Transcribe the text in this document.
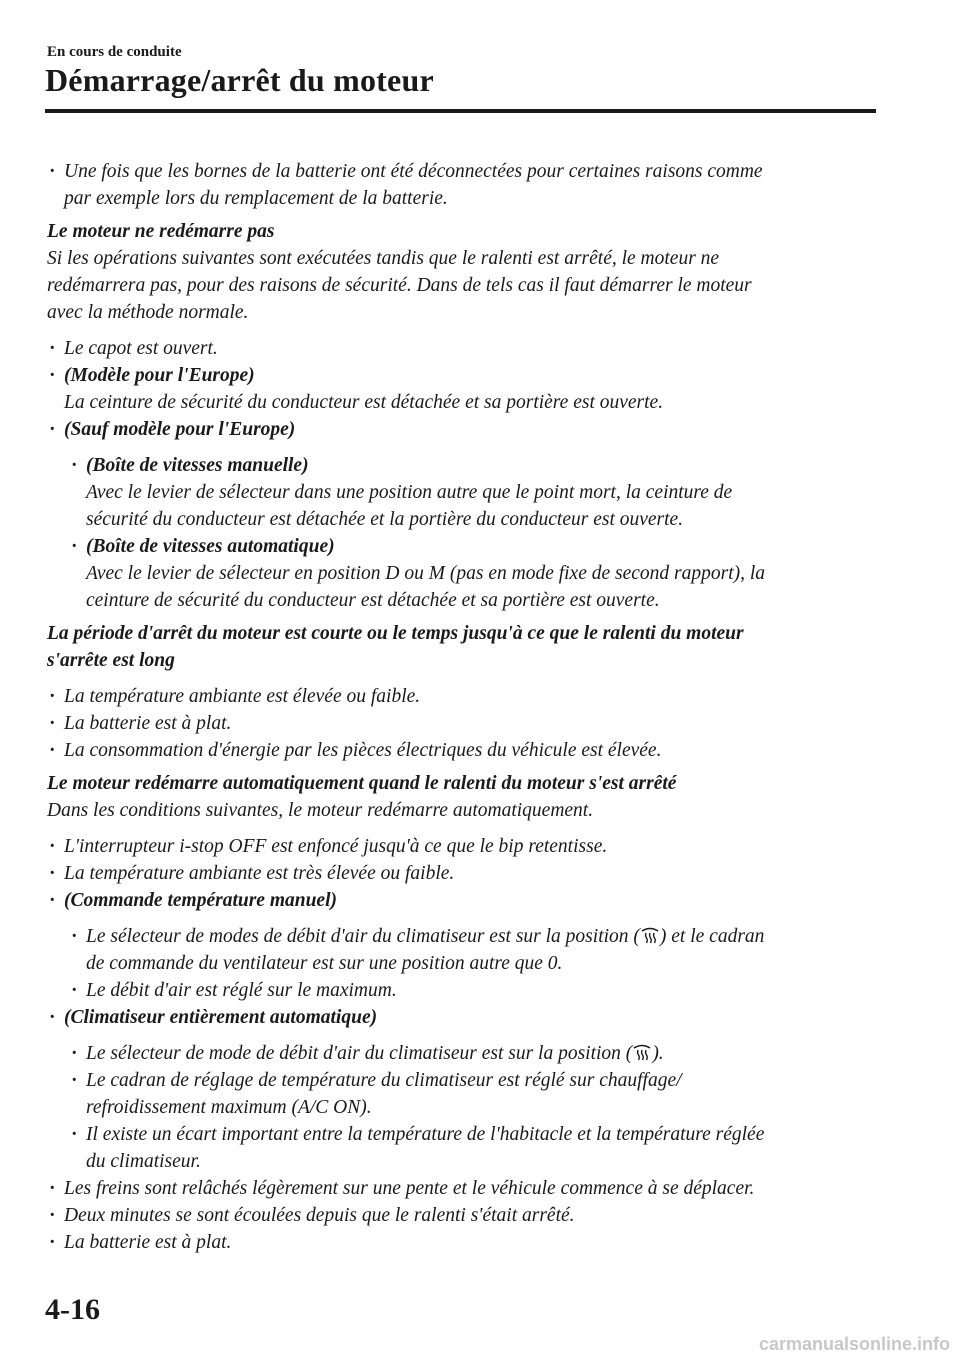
En cours de conduite
Démarrage/arrêt du moteur
· Une fois que les bornes de la batterie ont été déconnectées pour certaines raisons comme
par exemple lors du remplacement de la batterie.
Le moteur ne redémarre pas
Si les opérations suivantes sont exécutées tandis que le ralenti est arrêté, le moteur ne
redémarrera pas, pour des raisons de sécurité. Dans de tels cas il faut démarrer le moteur
avec la méthode normale.
· Le capot est ouvert.
· (Modèle pour l'Europe)
La ceinture de sécurité du conducteur est détachée et sa portière est ouverte.
· (Sauf modèle pour l'Europe)
· (Boîte de vitesses manuelle)
Avec le levier de sélecteur dans une position autre que le point mort, la ceinture de
sécurité du conducteur est détachée et la portière du conducteur est ouverte.
· (Boîte de vitesses automatique)
Avec le levier de sélecteur en position D ou M (pas en mode fixe de second rapport), la
ceinture de sécurité du conducteur est détachée et sa portière est ouverte.
La période d'arrêt du moteur est courte ou le temps jusqu'à ce que le ralenti du moteur
s'arrête est long
· La température ambiante est élevée ou faible.
· La batterie est à plat.
· La consommation d'énergie par les pièces électriques du véhicule est élevée.
Le moteur redémarre automatiquement quand le ralenti du moteur s'est arrêté
Dans les conditions suivantes, le moteur redémarre automatiquement.
· L'interrupteur i-stop OFF est enfoncé jusqu'à ce que le bip retentisse.
· La température ambiante est très élevée ou faible.
· (Commande température manuel)
· Le sélecteur de modes de débit d'air du climatiseur est sur la position ( ) et le cadran
de commande du ventilateur est sur une position autre que 0.
· Le débit d'air est réglé sur le maximum.
· (Climatiseur entièrement automatique)
· Le sélecteur de mode de débit d'air du climatiseur est sur la position ( ).
· Le cadran de réglage de température du climatiseur est réglé sur chauffage/
refroidissement maximum (A/C ON).
· Il existe un écart important entre la température de l'habitacle et la température réglée
du climatiseur.
· Les freins sont relâchés légèrement sur une pente et le véhicule commence à se déplacer.
· Deux minutes se sont écoulées depuis que le ralenti s'était arrêté.
· La batterie est à plat.
4-16
carmanualsonline.info
